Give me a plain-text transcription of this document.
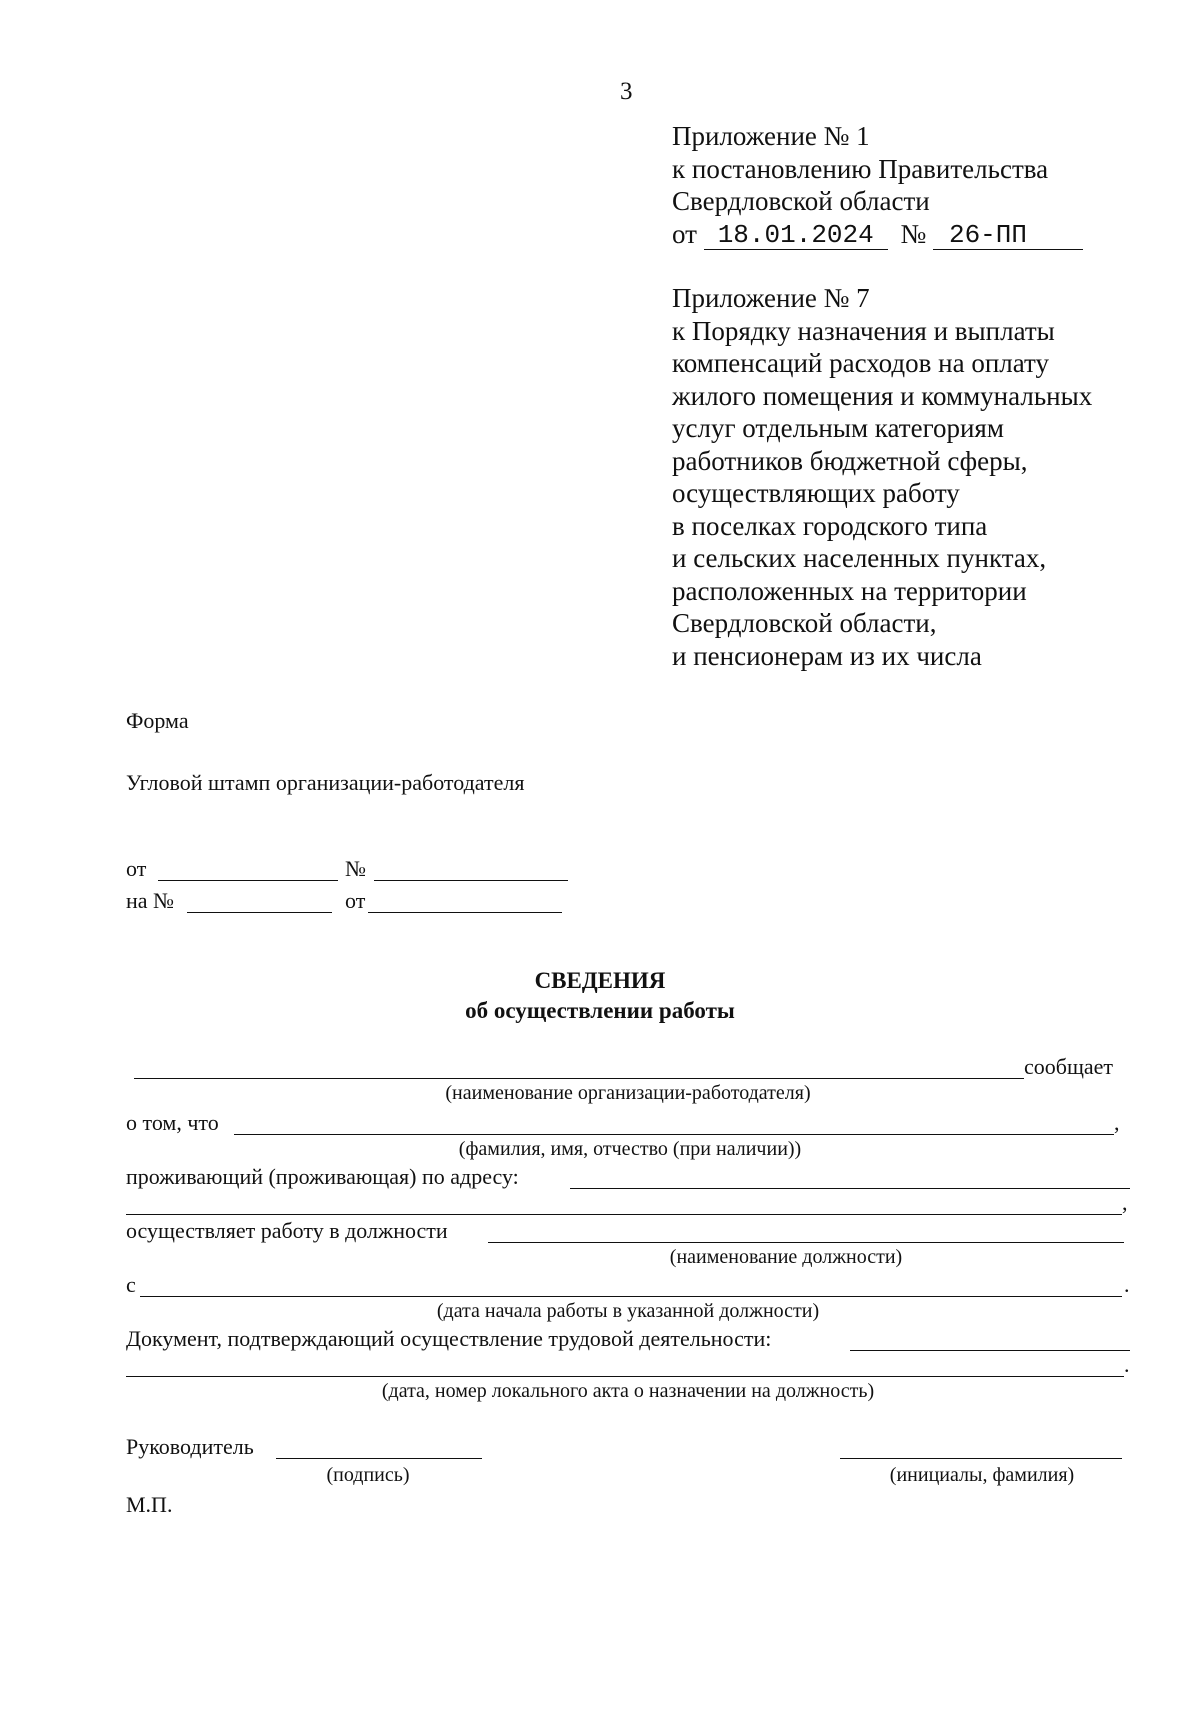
3
Приложение № 1
к постановлению Правительства
Свердловской области
от 18.01.2024 № 26-ПП
Приложение № 7
к Порядку назначения и выплаты
компенсаций расходов на оплату
жилого помещения и коммунальных
услуг отдельным категориям
работников бюджетной сферы,
осуществляющих работу
в поселках городского типа
и сельских населенных пунктах,
расположенных на территории
Свердловской области,
и пенсионерам из их числа
Форма
Угловой штамп организации-работодателя
от	№
на №	от
СВЕДЕНИЯ
об осуществлении работы
сообщает
(наименование организации-работодателя)
о том, что	,
(фамилия, имя, отчество (при наличии))
проживающий (проживающая) по адресу:
,
осуществляет работу в должности
(наименование должности)
с	.
(дата начала работы в указанной должности)
Документ, подтверждающий осуществление трудовой деятельности:
.
(дата, номер локального акта о назначении на должность)
Руководитель
(подпись)	(инициалы, фамилия)
М.П.
